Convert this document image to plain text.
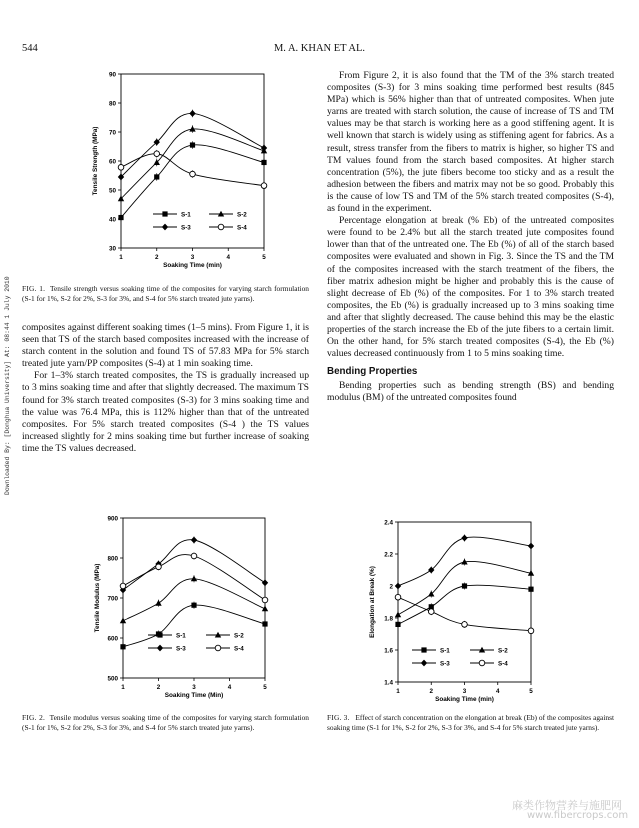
544	M. A. KHAN ET AL.
Downloaded By: [Donghua University] At: 08:44 1 July 2010
30
40
50
60
70
80
90
1	2	3	4	5
Soaking Time (min)
Tensile Strength (MPa)
S-1	S-2
S-3	S-4
FIG. 1. Tensile strength versus soaking time of the composites for varying starch formulation (S-1 for 1%, S-2 for 2%, S-3 for 3%, and S-4 for 5% starch treated jute yarns).

composites against different soaking times (1–5 mins). From Figure 1, it is seen that TS of the starch based composites increased with the increase of starch content in the solution and found TS of 57.83 MPa for 5% starch treated jute yarn/PP composites (S-4) at 1 min soaking time.

For 1–3% starch treated composites, the TS is gradually increased up to 3 mins soaking time and after that slightly decreased. The maximum TS found for 3% starch treated composites (S-3) for 3 mins soaking time and the value was 76.4 MPa, this is 112% higher than that of the untreated composites. For 5% starch treated composites (S-4 ) the TS values increased slightly for 2 mins soaking time but further increase of soaking time the TS values decreased.

From Figure 2, it is also found that the TM of the 3% starch treated composites (S-3) for 3 mins soaking time performed best results (845 MPa) which is 56% higher than that of untreated composites. When jute yarns are treated with starch solution, the cause of increase of TS and TM values may be that starch is working here as a good stiffening agent. It is well known that starch is widely using as stiffening agent for fabrics. As a result, stress transfer from the fibers to matrix is higher, so higher TS and TM values found from the starch based composites. At higher starch concentration (5%), the jute fibers become too sticky and as a result the adhesion between the fibers and matrix may not be so good. Probably this is the cause of low TS and TM of the 5% starch treated composites (S-4), as found in the experiment.

Percentage elongation at break (% Eb) of the untreated composites were found to be 2.4% but all the starch treated jute composites found lower than that of the untreated one. The Eb (%) of all of the starch based composites were evaluated and shown in Fig. 3. Since the TS and the TM of the composites increased with the starch treatment of the fibers, the fiber matrix adhesion might be higher and probably this is the cause of slight decrease of Eb (%) of the composites. For 1 to 3% starch treated composites, the Eb (%) is gradually increased up to 3 mins soaking time and after that slightly decreased. The cause behind this may be the elastic properties of the starch increase the Eb of the jute fibers to a certain limit. On the other hand, for 5% starch treated composites (S-4), the Eb (%) values decreased continuously from 1 to 5 mins soaking time.

Bending Properties

Bending properties such as bending strength (BS) and bending modulus (BM) of the untreated composites found

500
600
700
800
900
1	2	3	4	5
Soaking Time (Min)
Tensile Modulus (MPa)
S-1	S-2
S-3	S-4
FIG. 2. Tensile modulus versus soaking time of the composites for varying starch formulation (S-1 for 1%, S-2 for 2%, S-3 for 3%, and S-4 for 5% starch treated jute yarns).
1.4
1.6
1.8
2
2.2
2.4
1	2	3	4	5
Soaking Time (min)
Elongation at Break (%)
S-1	S-2
S-3	S-4
FIG. 3. Effect of starch concentration on the elongation at break (Eb) of the composites against soaking time (S-1 for 1%, S-2 for 2%, S-3 for 3%, and S-4 for 5% starch treated jute yarns).
麻类作物营养与施肥网
www.fibercrops.com
